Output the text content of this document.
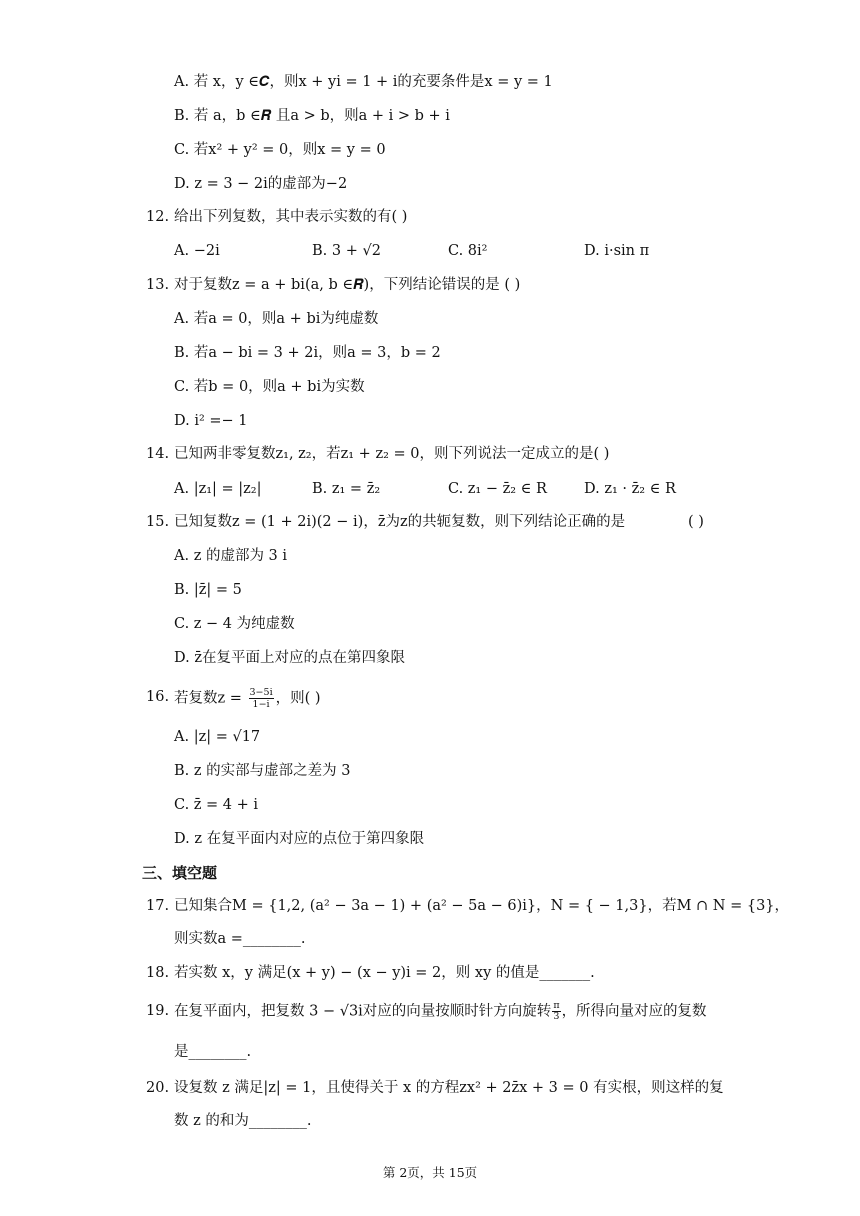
A. 若 x，y ∈𝑪，则x + yi = 1 + i的充要条件是x = y = 1
B. 若 a，b ∈𝑹 且a > b，则a + i > b + i
C. 若x² + y² = 0，则x = y = 0
D. z = 3 − 2i的虚部为−2
12. 给出下列复数，其中表示实数的有( )
A. −2i	B. 3 + √2	C. 8i²	D. i·sin π
13. 对于复数z = a + bi(a, b ∈𝑹)，下列结论错误的是 ( )
A. 若a = 0，则a + bi为纯虚数
B. 若a − bi = 3 + 2i，则a = 3，b = 2
C. 若b = 0，则a + bi为实数
D. i² =− 1
14. 已知两非零复数z₁, z₂，若z₁ + z₂ = 0，则下列说法一定成立的是( )
A. |z₁| = |z₂|	B. z₁ = z̄₂	C. z₁ − z̄₂ ∈ R	D. z₁ · z̄₂ ∈ R
15. 已知复数z = (1 + 2i)(2 − i)，z̄为z的共轭复数，则下列结论正确的是	( )
A. z 的虚部为 3 i
B. |z̄| = 5
C. z − 4 为纯虚数
D. z̄在复平面上对应的点在第四象限
16. 若复数$z = \frac{3-5i}{1-i}$ ，则( )
A. |z| = √17
B. z 的实部与虚部之差为 3
C. z̄ = 4 + i
D. z 在复平面内对应的点位于第四象限
三、填空题
17. 已知集合M = {1,2, (a² − 3a − 1) + (a² − 5a − 6)i}，N = { − 1,3}，若M ∩ N = {3}，
则实数a =________.
18. 若实数 x，y 满足(x + y) − (x − y)i = 2，则 xy 的值是_______.
19. 在复平面内，把复数 3 − √3i对应的向量按顺时针方向旋转 $\frac{\pi}{3}$ ，所得向量对应的复数
是________.
20. 设复数 z 满足|z| = 1，且使得关于 x 的方程zx² + 2z̄x + 3 = 0 有实根，则这样的复
数 z 的和为________.
第 2页，共 15页
